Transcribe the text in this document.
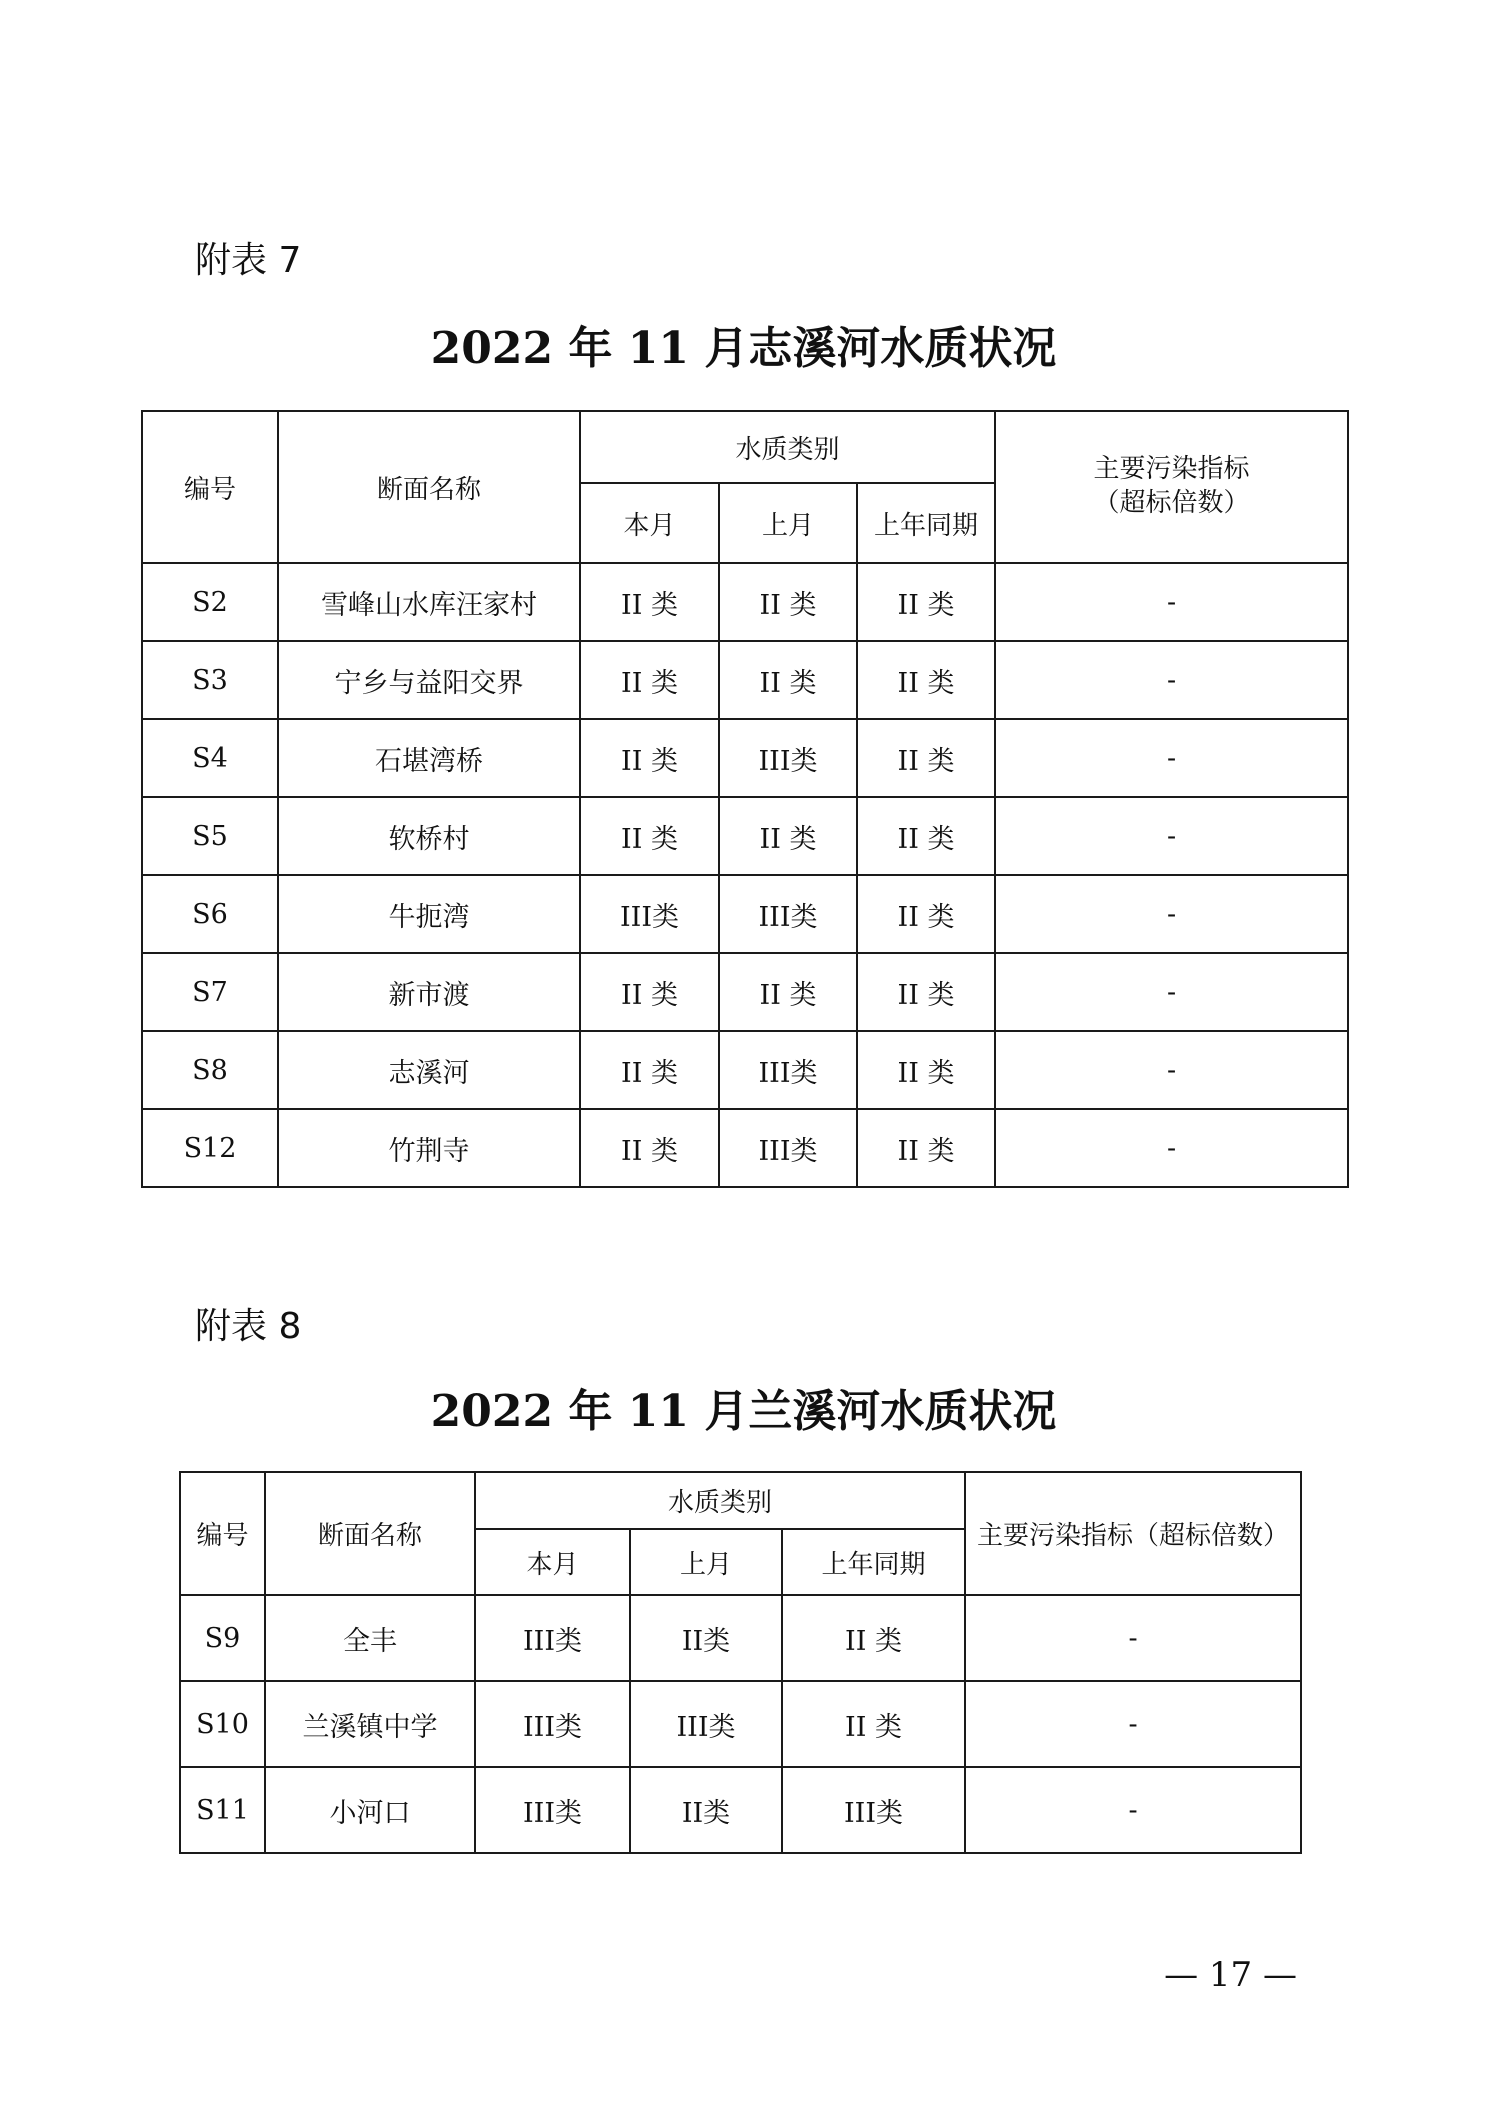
附表 7
2022 年 11 月志溪河水质状况
编号	断面名称	水质类别			主要污染指标
（超标倍数）
		本月	上月	上年同期	
S2	雪峰山水库汪家村	II 类	II 类	II 类	-
S3	宁乡与益阳交界	II 类	II 类	II 类	-
S4	石堪湾桥	II 类	III类	II 类	-
S5	软桥村	II 类	II 类	II 类	-
S6	牛扼湾	III类	III类	II 类	-
S7	新市渡	II 类	II 类	II 类	-
S8	志溪河	II 类	III类	II 类	-
S12	竹荆寺	II 类	III类	II 类	-
附表 8
2022 年 11 月兰溪河水质状况
编号	断面名称	水质类别			主要污染指标（超标倍数）
		本月	上月	上年同期	
S9	全丰	III类	II类	II 类	-
S10	兰溪镇中学	III类	III类	II 类	-
S11	小河口	III类	II类	III类	-
— 17 —
